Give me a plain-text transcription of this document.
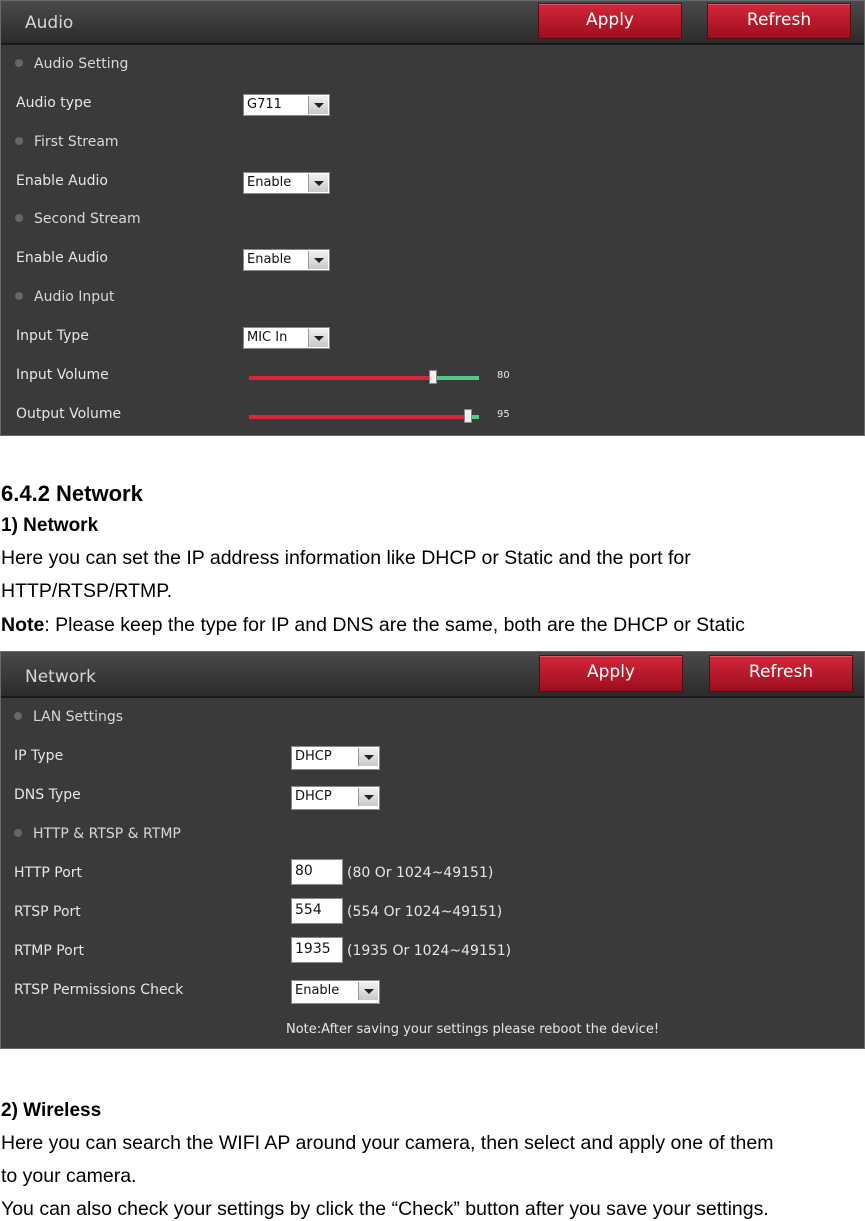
Audio	Apply	Refresh
Audio Setting
Audio type	G711
First Stream
Enable Audio	Enable
Second Stream
Enable Audio	Enable
Audio Input
Input Type	MIC In
Input Volume	80
Output Volume	95
6.4.2 Network
1) Network
Here you can set the IP address information like DHCP or Static and the port for
HTTP/RTSP/RTMP.
Note: Please keep the type for IP and DNS are the same, both are the DHCP or Static
Network	Apply	Refresh
LAN Settings
IP Type	DHCP
DNS Type	DHCP
HTTP & RTSP & RTMP
HTTP Port	80	(80 Or 1024~49151)
RTSP Port	554	(554 Or 1024~49151)
RTMP Port	1935	(1935 Or 1024~49151)
RTSP Permissions Check	Enable
Note:After saving your settings please reboot the device!
2) Wireless
Here you can search the WIFI AP around your camera, then select and apply one of them
to your camera.
You can also check your settings by click the “Check” button after you save your settings.
